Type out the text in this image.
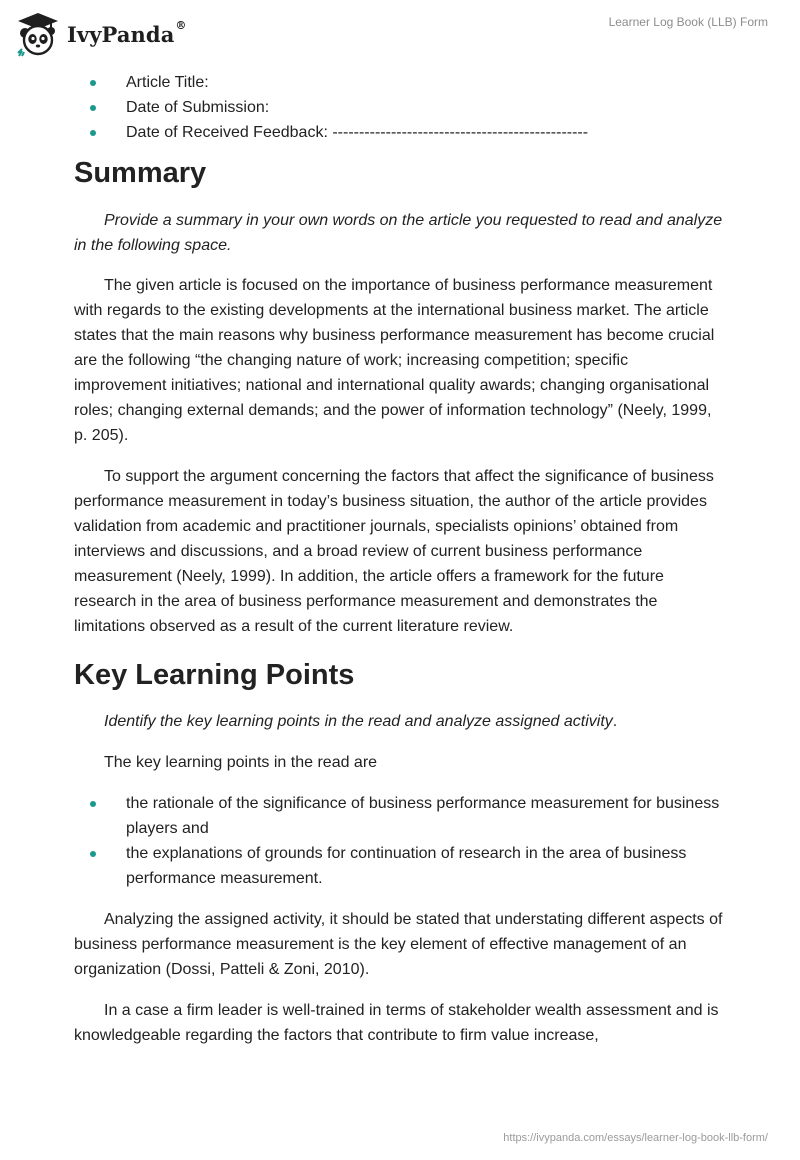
IvyPanda®	Learner Log Book (LLB) Form
Article Title:
Date of Submission:
Date of Received Feedback: ------------------------------------------------
Summary

Provide a summary in your own words on the article you requested to read and analyze in the following space.

The given article is focused on the importance of business performance measurement with regards to the existing developments at the international business market. The article states that the main reasons why business performance measurement has become crucial are the following “the changing nature of work; increasing competition; specific improvement initiatives; national and international quality awards; changing organisational roles; changing external demands; and the power of information technology” (Neely, 1999, p. 205).

To support the argument concerning the factors that affect the significance of business performance measurement in today’s business situation, the author of the article provides validation from academic and practitioner journals, specialists opinions’ obtained from interviews and discussions, and a broad review of current business performance measurement (Neely, 1999). In addition, the article offers a framework for the future research in the area of business performance measurement and demonstrates the limitations observed as a result of the current literature review.

Key Learning Points

Identify the key learning points in the read and analyze assigned activity.

The key learning points in the read are

the rationale of the significance of business performance measurement for business players and
the explanations of grounds for continuation of research in the area of business performance measurement.

Analyzing the assigned activity, it should be stated that understating different aspects of business performance measurement is the key element of effective management of an organization (Dossi, Patteli & Zoni, 2010).

In a case a firm leader is well-trained in terms of stakeholder wealth assessment and is knowledgeable regarding the factors that contribute to firm value increase,

https://ivypanda.com/essays/learner-log-book-llb-form/
